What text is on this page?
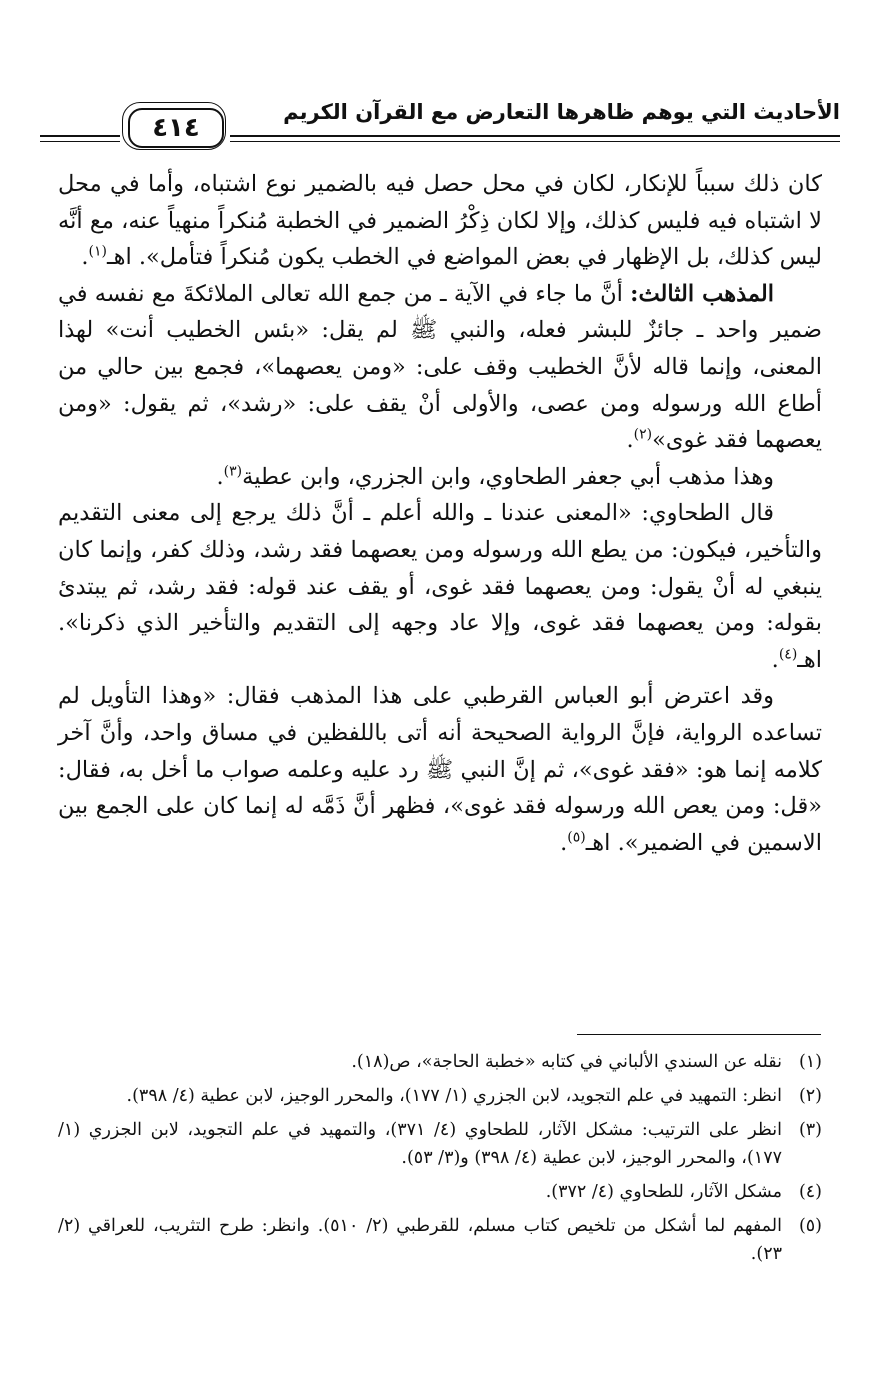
الأحاديث التي يوهم ظاهرها التعارض مع القرآن الكريم
٤١٤

كان ذلك سبباً للإنكار، لكان في محل حصل فيه بالضمير نوع اشتباه، وأما في محل لا اشتباه فيه فليس كذلك، وإلا لكان ذِكْرُ الضمير في الخطبة مُنكراً منهياً عنه، مع أنَّه ليس كذلك، بل الإظهار في بعض المواضع في الخطب يكون مُنكراً فتأمل». اهـ$^{(١)}$.

المذهب الثالث: أنَّ ما جاء في الآية ـ من جمع الله تعالى الملائكةَ مع نفسه في ضمير واحد ـ جائزٌ للبشر فعله، والنبي ﷺ لم يقل: «بئس الخطيب أنت» لهذا المعنى، وإنما قاله لأنَّ الخطيب وقف على: «ومن يعصهما»، فجمع بين حالي من أطاع الله ورسوله ومن عصى، والأولى أنْ يقف على: «رشد»، ثم يقول: «ومن يعصهما فقد غوى»$^{(٢)}$.

وهذا مذهب أبي جعفر الطحاوي، وابن الجزري، وابن عطية$^{(٣)}$.

قال الطحاوي: «المعنى عندنا ـ والله أعلم ـ أنَّ ذلك يرجع إلى معنى التقديم والتأخير، فيكون: من يطع الله ورسوله ومن يعصهما فقد رشد، وذلك كفر، وإنما كان ينبغي له أنْ يقول: ومن يعصهما فقد غوى، أو يقف عند قوله: فقد رشد، ثم يبتدئ بقوله: ومن يعصهما فقد غوى، وإلا عاد وجهه إلى التقديم والتأخير الذي ذكرنا». اهـ$^{(٤)}$.

وقد اعترض أبو العباس القرطبي على هذا المذهب فقال: «وهذا التأويل لم تساعده الرواية، فإنَّ الرواية الصحيحة أنه أتى باللفظين في مساق واحد، وأنَّ آخر كلامه إنما هو: «فقد غوى»، ثم إنَّ النبي ﷺ رد عليه وعلمه صواب ما أخل به، فقال: «قل: ومن يعص الله ورسوله فقد غوى»، فظهر أنَّ ذَمَّه له إنما كان على الجمع بين الاسمين في الضمير». اهـ$^{(٥)}$.

(١)
نقله عن السندي الألباني في كتابه «خطبة الحاجة»، ص(١٨).
(٢)
انظر: التمهيد في علم التجويد، لابن الجزري (١/ ١٧٧)، والمحرر الوجيز، لابن عطية (٤/ ٣٩٨).
(٣)
انظر على الترتيب: مشكل الآثار، للطحاوي (٤/ ٣٧١)، والتمهيد في علم التجويد، لابن الجزري (١/ ١٧٧)، والمحرر الوجيز، لابن عطية (٤/ ٣٩٨) و(٣/ ٥٣).
(٤)
مشكل الآثار، للطحاوي (٤/ ٣٧٢).
(٥)
المفهم لما أشكل من تلخيص كتاب مسلم، للقرطبي (٢/ ٥١٠). وانظر: طرح التثريب، للعراقي (٢/ ٢٣).
